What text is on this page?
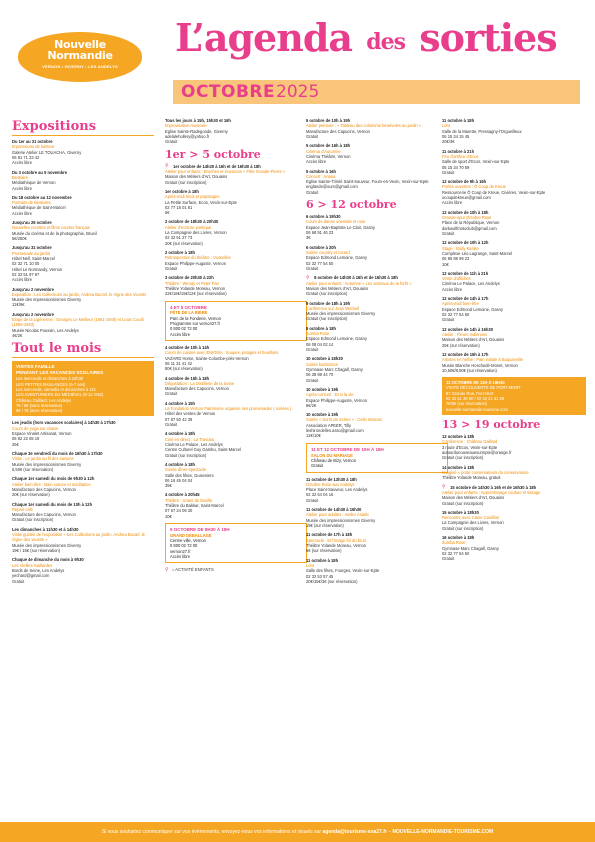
Nouvelle
Normandie
VERNON • GIVERNY • LES ANDELYS
L’agenda des sorties
OCTOBRE 2025
Expositions
Du 1er au 31 octobre
Impressions de lointeur
Galerie Atelier LE TOUACHA, Giverny
06 81 71 23 42
Accès libre
Du 3 octobre au 5 novembre
Bestiaire
Médiathèque de Vernon
Accès libre
Du 18 octobre au 12 novembre
Portraits de Bestioles
Médiathèque de Saint-Marcel
Accès libre
Jusqu'au 26 octobre
Nouvelles recettes et films courtes français
Musée du cinéma et de la photographie, Brueil
5€/250€
Jusqu'au 31 octobre
Promenade au jardin
Hôtel Nell, Saint-Marcel
02 32 71 10 00
Hôtel Le Normandy, Vernon
02 32 51 97 97
Accès libre
Jusqu'au 2 novembre
Exposition : Les Collections au jardin, Andrea Bucarl, le règne des Vivants
Musée des impressionnismes Giverny
12€/9€
Jusqu'au 2 novembre
Eloge de la Ligérienne : Georges Le Meilleur (1861-1945) et Louis Coutil (1856-1943)
Musée Nicolas Poussin, Les Andelys
4€/2€
Tout le mois
VISITES FAMILLE
PENDANT LES VACANCES SCOLAIRES
Les mercredis et dimanches à 10h30
LES PETITES BAULANCES (5-7 ans)
Les mercredis, samedis et dimanches à 11h
LES AVENTURIERS DU MÉDIÉVAL (8-12 ANS)
Château Gaillard, Les Andelys
7€ / 5€ (sans réservation)
9€ / 7€ (avec réservation)
Les jeudis (hors vacances scolaires) à 14h30 à 17h30
Cours de yoga sur chaise
Espace Vinalet Artisanat, Vernon
06 82 22 65 19
25€
Chaque 3e vendredi du mois de 16h30 à 17h30
Visite : Le jardin au fil des saisons
Musée des impressionnismes Giverny
5,50€ (sur réservation)
Chaque 1er samedi du mois de 9h30 à 12h
Atelier bien-être : Bain sonore et méditation
Manufacture des Capucins, Vernon
20€ (sur réservation)
Chaque 1er samedi du mois de 10h à 12h
Repair café
Manufacture des Capucins, Vernon
Gratuit (sur inscription)
Les dimanches à 11h30 et à 14h30
Visite guidée de l'exposition « Les Collections au jardin, Andrea Bucarl, le règne des vivants »
Musée des impressionnismes Giverny
19€ / 15€ (sur réservation)
Chaque 4e dimanche du mois à 9h30
Les Vieilles Gaillardes
Bords de Seine, Les Andelys
yechard@gmail.com
Gratuit
Tous les jours à 15h, 15h30 et 16h
Improvisation musicale
Eglise Sainte-Radegonde, Giverny
adelalehollery@yahoo.fr
Gratuit
1er > 5 octobre
⚲ 1er octobre de 14h30 à 16h et de 16h30 à 18h
Atelier pour enfants : Broches et écussons « Fête Grande-Pierre »
Maison des Métiers d'Art, Douains
Gratuit (sur inscription)
1er octobre à 18h
Après-midi tricot et papotages
La Petite Surface, Ecos, Vexin-sur-Epte
02 77 18 01 81
5€
2 octobre de 18h30 à 20h30
Atelier d'écriture poétique
La Compagnie des Livres, Vernon
02 32 51 27 73
20€ (sur réservation)
2 octobre à 18h
Rétrospective du théâtre : Vivarelles
Espace Philippe-Auguste, Vernon
Gratuit
3 octobre de 20h30 à 22h
Théâtre : Wendy et Peter Pan
Théâtre Yolande Moreau, Vernon
22€/16€/15€/12€ (sur réservation)
4 ET 5 OCTOBRE
FÊTE DE LA BIÈRE
Parc de la Fonderie, Vernon
Programme sur vernon27.fr
0 800 02 72 00
Accès libre
4 octobre de 10h à 14h
Cours de cuisine avec ENIGMA : Soupes, potages et bouillons
VAZARD Home, Sainte-Colombe-près-Vernon
06 11 31 41 42
80€ (sur réservation)
4 octobre de 15h à 18h
Dégustation : La Distillerie de la Seine
Manufacture des Capucins, Vernon
Gratuit
4 octobre à 15h
La Fondation Vernon Patrimoine organise ses promenades ( soirées )
Hôtel des ventes de Vernon
07 87 50 42 39
Gratuit
4 octobre à 18h
Ciné en direct : La Traviata
Cinéma Le Palace, Les Andelys
Centre Culturel Guy Gambu, Saint-Marcel
Gratuit (sur inscription)
4 octobre à 18h
Soirée dîner-spectacle
Salle des fêtes, Guiseniers
06 16 45 04 04
35€
4 octobre à 20h45
Théâtre : Uriant de famille
Théâtre du Bakkar, Saint-Marcel
07 67 24 09 30
10€
5 OCTOBRE DE 8H30 À 18H
GRAND DÉBALLAGE
Centre-ville, Vernon
0 800 02 72 00
vernon27.fr
Accès libre
⚲ = ACTIVITÉ ENFANTS
5 octobre de 10h à 19h
Atelier peinture : « Tableau des colorisme bénévoles au jardin »
Manufacture des Capucins, Vernon
Gratuit
5 octobre de 16h à 18h
Cinéma d'Automne
Cinéma Théâtre, Vernon
Accès libre
5 octobre à 16h
Concert : Ariana
Eglise Sainte-Trinité Saint-Sauveur, Fours-en-Vexin, Vexin-sur-Epte
englande@ours@gmail.com
Gratuit
6 > 12 octobre
6 octobre à 19h30
Cours de danse orientale et rose
Espace Jean-Baptiste Le Clair, Gasny
06 68 91 46 23
3€
6 octobre à 20h
Soirée country et rocard
Espace Edmond Lemoine, Gasny
02 32 77 54 50
Gratuit
⚲ 8 octobre de 14h30 à 16h et de 16h30 à 18h
Atelier pour enfants : Automne « Les animaux de la forêt »
Maison des Métiers d'Art, Douains
Gratuit (sur inscription)
9 octobre de 18h à 19h
Conférence sur Joan Mitchell
Musée des impressionnismes Giverny
Gratuit (sur inscription)
9 octobre à 18h
Zumba Rose
Espace Edmond Lemoine, Gasny
06 08 04 02 14
Gratuit
10 octobre à 18h30
Soirée badminton
Gymnase Marc Chagall, Gasny
06 38 98 44 70
Gratuit
10 octobre à 19h
Après-concert : Et si la vie
Espace Philippe-Auguste, Vernon
8€/2€
10 octobre à 19h
Soirée « Sortir de Scène » : Cello Woman
Association APEER, Tilly
leshirondelles.asso@gmail.com
12€/10€
11 ET 12 OCTOBRE DE 10H À 18H
SALON DU MARIAGE
Château de Bizy, Vernon
Gratuit
11 octobre de 13h30 à 18h
Octobre Rose aux Andelys
Place Saint-Sauveur, Les Andelys
02 32 54 04 16
Gratuit
11 octobre de 14h30 à 16h30
Atelier pour adultes : Atelier Asiatic
Musée des impressionnismes Giverny
19€ (sur réservation)
11 octobre de 17h à 18h
Spectacle : Et l'image fût du bruit
Théâtre Yolande Moreau, Vernon
5€ (sur réservation)
11 octobre à 18h
Loto
Salle des fêtes, Fourges, Vexin-sur-Epte
02 32 53 57 45
20€/15€/3€ (sur réservation)
11 octobre à 18h
Loto
Salle de la Marette, Pressagny-l'Orgueilleux
06 15 34 15 45
20€/3€
11 octobre à 21h
Feu d'artifice d'Ecos
Salle de sport d'Ecos, Vexin-sur-Epte
06 15 34 70 59
Gratuit
12 octobre de 9h à 16h
Portes ouvertes : Ô Coup de Kreue
Ressourcerie Ô Coup de Kreue, Civières, Vexin-sur-Epte
ocoupdekreue@gmail.com
Accès libre
12 octobre de 10h à 18h
Grande-spur Octobre Rose
Place de la République, Vernon
darkwolfmotoclub@gmail.com
Gratuit
12 octobre de 10h à 12h
Stage : Body Karate
Complexe Léo Lagrange, Saint-Marcel
06 85 98 99 23
10€
12 octobre de 11h à 21h
Vente d'affiches
Cinéma Le Palace, Les Andelys
Accès libre
12 octobre de 14h à 17h
Après-midi bien-être
Espace Edmond Lemoine, Gasny
02 32 77 54 50
Gratuit
12 octobre de 14h à 16h30
Atelier : Fleurs Indiennes
Maison des Métiers d'Art, Douains
25€ (sur réservation)
12 octobre de 15h à 17h
Artistes en herbe : Pain initiale à Baquanville
Musée Blanche Hoschedé-Monet, Vernon
10,50€/8,50€ (sur réservation)
12 OCTOBRE DE 11H À 18H30
VISITE DÉCOUVERTE DE PORT-MORT
87 Grande Rue, Port-Mort
02 32 51 39 60 / 02 32 21 31 29
7€/5€ (sur réservation)
nouvelle-normandie-tourisme.com
13 > 19 octobre
13 octobre à 18h
Conférence : Château Gaillard
3 route d'Ecos, Vexin-sur-Epte
autourdunouveauesurmpte@orange.fr
Gratuit (sur inscription)
14 octobre à 18h
Imaginé « porte conservateurs du conservatoire
Théâtre Yolande Moreau, gratuit
⚲ 15 octobre de 14h30 à 16h et de 16h30 à 18h
Atelier pour enfants : Apprentissage couture et tissage
Maison des Métiers d'Art, Douains
Gratuit (sur inscription)
15 octobre à 18h30
Rencontre avec Claire Castillon
La Compagnie des Livres, Vernon
Gratuit (sur inscription)
16 octobre à 18h
Zumba Rose
Gymnase Marc Chagall, Gasny
02 32 77 54 50
Gratuit
Si vous souhaitez communiquer sur vos événements, envoyez-nous vos informations et visuels sur agenda@tourisme-sna27.fr – NOUVELLE-NORMANDIE-TOURISME.COM
